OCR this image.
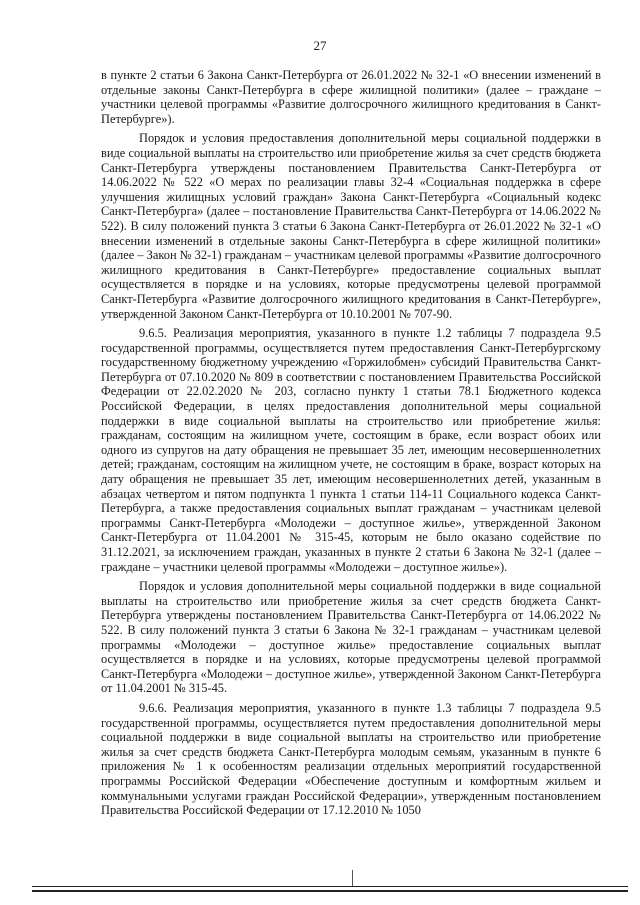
27

в пункте 2 статьи 6 Закона Санкт-Петербурга от 26.01.2022 № 32-1 «О внесении изменений в отдельные законы Санкт-Петербурга в сфере жилищной политики» (далее – граждане – участники целевой программы «Развитие долгосрочного жилищного кредитования в Санкт-Петербурге»).

Порядок и условия предоставления дополнительной меры социальной поддержки в виде социальной выплаты на строительство или приобретение жилья за счет средств бюджета Санкт-Петербурга утверждены постановлением Правительства Санкт-Петербурга от 14.06.2022 № 522 «О мерах по реализации главы 32-4 «Социальная поддержка в сфере улучшения жилищных условий граждан» Закона Санкт-Петербурга «Социальный кодекс Санкт-Петербурга» (далее – постановление Правительства Санкт-Петербурга от 14.06.2022 № 522). В силу положений пункта 3 статьи 6 Закона Санкт-Петербурга от 26.01.2022 № 32-1 «О внесении изменений в отдельные законы Санкт-Петербурга в сфере жилищной политики» (далее – Закон № 32-1) гражданам – участникам целевой программы «Развитие долгосрочного жилищного кредитования в Санкт-Петербурге» предоставление социальных выплат осуществляется в порядке и на условиях, которые предусмотрены целевой программой Санкт-Петербурга «Развитие долгосрочного жилищного кредитования в Санкт-Петербурге», утвержденной Законом Санкт-Петербурга от 10.10.2001 № 707-90.

9.6.5. Реализация мероприятия, указанного в пункте 1.2 таблицы 7 подраздела 9.5 государственной программы, осуществляется путем предоставления Санкт-Петербургскому государственному бюджетному учреждению «Горжилобмен» субсидий Правительства Санкт-Петербурга от 07.10.2020 № 809 в соответствии с постановлением Правительства Российской Федерации от 22.02.2020 № 203, согласно пункту 1 статьи 78.1 Бюджетного кодекса Российской Федерации, в целях предоставления дополнительной меры социальной поддержки в виде социальной выплаты на строительство или приобретение жилья: гражданам, состоящим на жилищном учете, состоящим в браке, если возраст обоих или одного из супругов на дату обращения не превышает 35 лет, имеющим несовершеннолетних детей; гражданам, состоящим на жилищном учете, не состоящим в браке, возраст которых на дату обращения не превышает 35 лет, имеющим несовершеннолетних детей, указанным в абзацах четвертом и пятом подпункта 1 пункта 1 статьи 114-11 Социального кодекса Санкт-Петербурга, а также предоставления социальных выплат гражданам – участникам целевой программы Санкт-Петербурга «Молодежи – доступное жилье», утвержденной Законом Санкт-Петербурга от 11.04.2001 № 315-45, которым не было оказано содействие по 31.12.2021, за исключением граждан, указанных в пункте 2 статьи 6 Закона № 32-1 (далее – граждане – участники целевой программы «Молодежи – доступное жилье»).

Порядок и условия дополнительной меры социальной поддержки в виде социальной выплаты на строительство или приобретение жилья за счет средств бюджета Санкт-Петербурга утверждены постановлением Правительства Санкт-Петербурга от 14.06.2022 № 522. В силу положений пункта 3 статьи 6 Закона № 32-1 гражданам – участникам целевой программы «Молодежи – доступное жилье» предоставление социальных выплат осуществляется в порядке и на условиях, которые предусмотрены целевой программой Санкт-Петербурга «Молодежи – доступное жилье», утвержденной Законом Санкт-Петербурга от 11.04.2001 № 315-45.

9.6.6. Реализация мероприятия, указанного в пункте 1.3 таблицы 7 подраздела 9.5 государственной программы, осуществляется путем предоставления дополнительной меры социальной поддержки в виде социальной выплаты на строительство или приобретение жилья за счет средств бюджета Санкт-Петербурга молодым семьям, указанным в пункте 6 приложения № 1 к особенностям реализации отдельных мероприятий государственной программы Российской Федерации «Обеспечение доступным и комфортным жильем и коммунальными услугами граждан Российской Федерации», утвержденным постановлением Правительства Российской Федерации от 17.12.2010 № 1050
